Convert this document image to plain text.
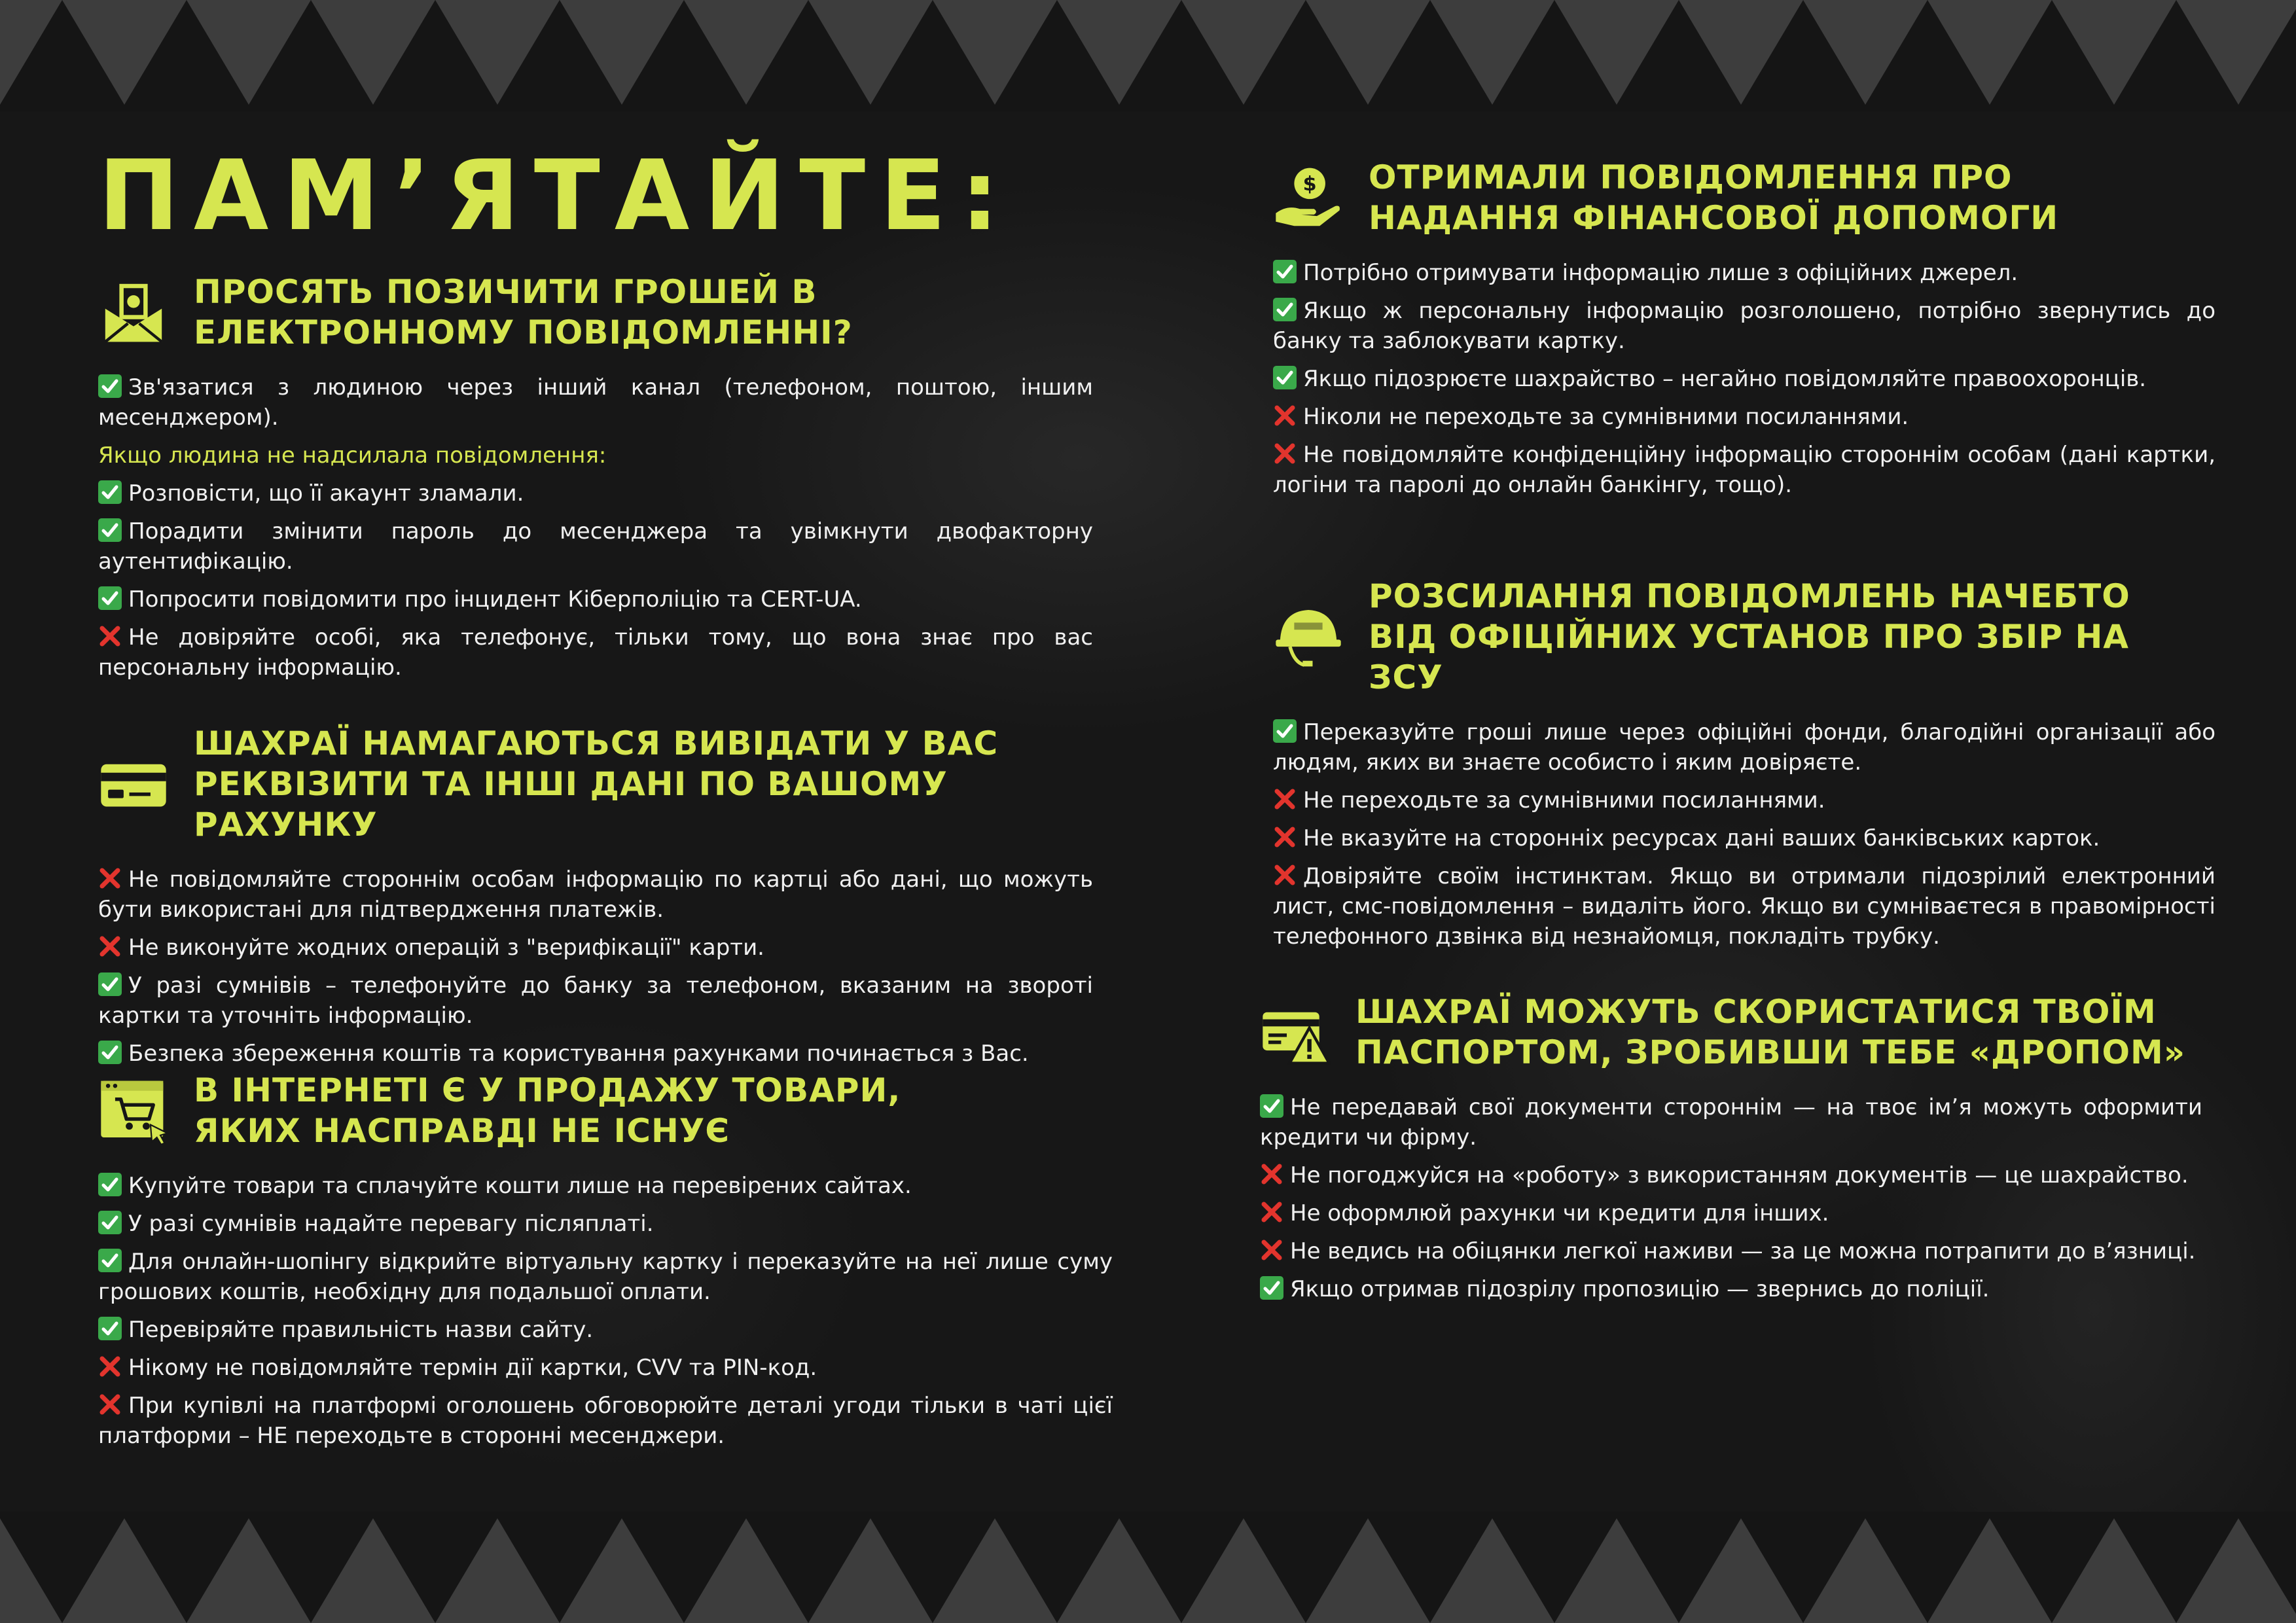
ПАМ’ЯТАЙТЕ:
ПРОСЯТЬ ПОЗИЧИТИ ГРОШЕЙ В
ЕЛЕКТРОННОМУ ПОВІДОМЛЕННІ?
Зв'язатися з людиною через інший канал (телефоном, поштою, іншим месенджером).
Якщо людина не надсилала повідомлення:
Розповісти, що її акаунт зламали.
Порадити змінити пароль до месенджера та увімкнути двофакторну аутентифікацію.
Попросити повідомити про інцидент Кіберполіцію та CERT-UA.
Не довіряйте особі, яка телефонує, тільки тому, що вона знає про вас персональну інформацію.
ШАХРАЇ НАМАГАЮТЬСЯ ВИВІДАТИ У ВАС
РЕКВІЗИТИ ТА ІНШІ ДАНІ ПО ВАШОМУ РАХУНКУ
Не повідомляйте стороннім особам інформацію по картці або дані, що можуть бути використані для підтвердження платежів.
Не виконуйте жодних операцій з "верифікації" карти.
У разі сумнівів – телефонуйте до банку за телефоном, вказаним на звороті картки та уточніть інформацію.
Безпека збереження коштів та користування рахунками починається з Вас.
В ІНТЕРНЕТІ Є У ПРОДАЖУ ТОВАРИ,
ЯКИХ НАСПРАВДІ НЕ ІСНУЄ
Купуйте товари та сплачуйте кошти лише на перевірених сайтах.
У разі сумнівів надайте перевагу післяплаті.
Для онлайн-шопінгу відкрийте віртуальну картку і переказуйте на неї лише суму грошових коштів, необхідну для подальшої оплати.
Перевіряйте правильність назви сайту.
Нікому не повідомляйте термін дії картки, CVV та PIN-код.
При купівлі на платформі оголошень обговорюйте деталі угоди тільки в чаті цієї платформи – НЕ переходьте в сторонні месенджери.
$ ОТРИМАЛИ ПОВІДОМЛЕННЯ ПРО
НАДАННЯ ФІНАНСОВОЇ ДОПОМОГИ
Потрібно отримувати інформацію лише з офіційних джерел.
Якщо ж персональну інформацію розголошено, потрібно звернутись до банку та заблокувати картку.
Якщо підозрюєте шахрайство – негайно повідомляйте правоохоронців.
Ніколи не переходьте за сумнівними посиланнями.
Не повідомляйте конфіденційну інформацію стороннім особам (дані картки, логіни та паролі до онлайн банкінгу, тощо).
РОЗСИЛАННЯ ПОВІДОМЛЕНЬ НАЧЕБТО
ВІД ОФІЦІЙНИХ УСТАНОВ ПРО ЗБІР НА ЗСУ
Переказуйте гроші лише через офіційні фонди, благодійні організації або людям, яких ви знаєте особисто і яким довіряєте.
Не переходьте за сумнівними посиланнями.
Не вказуйте на сторонніх ресурсах дані ваших банківських карток.
Довіряйте своїм інстинктам. Якщо ви отримали підозрілий електронний лист, смс-повідомлення – видаліть його. Якщо ви сумніваєтеся в правомірності телефонного дзвінка від незнайомця, покладіть трубку.
ШАХРАЇ МОЖУТЬ СКОРИСТАТИСЯ ТВОЇМ
ПАСПОРТОМ, ЗРОБИВШИ ТЕБЕ «ДРОПОМ»
Не передавай свої документи стороннім — на твоє ім’я можуть оформити кредити чи фірму.
Не погоджуйся на «роботу» з використанням документів — це шахрайство.
Не оформлюй рахунки чи кредити для інших.
Не ведись на обіцянки легкої наживи — за це можна потрапити до в’язниці.
Якщо отримав підозрілу пропозицію — звернись до поліції.
